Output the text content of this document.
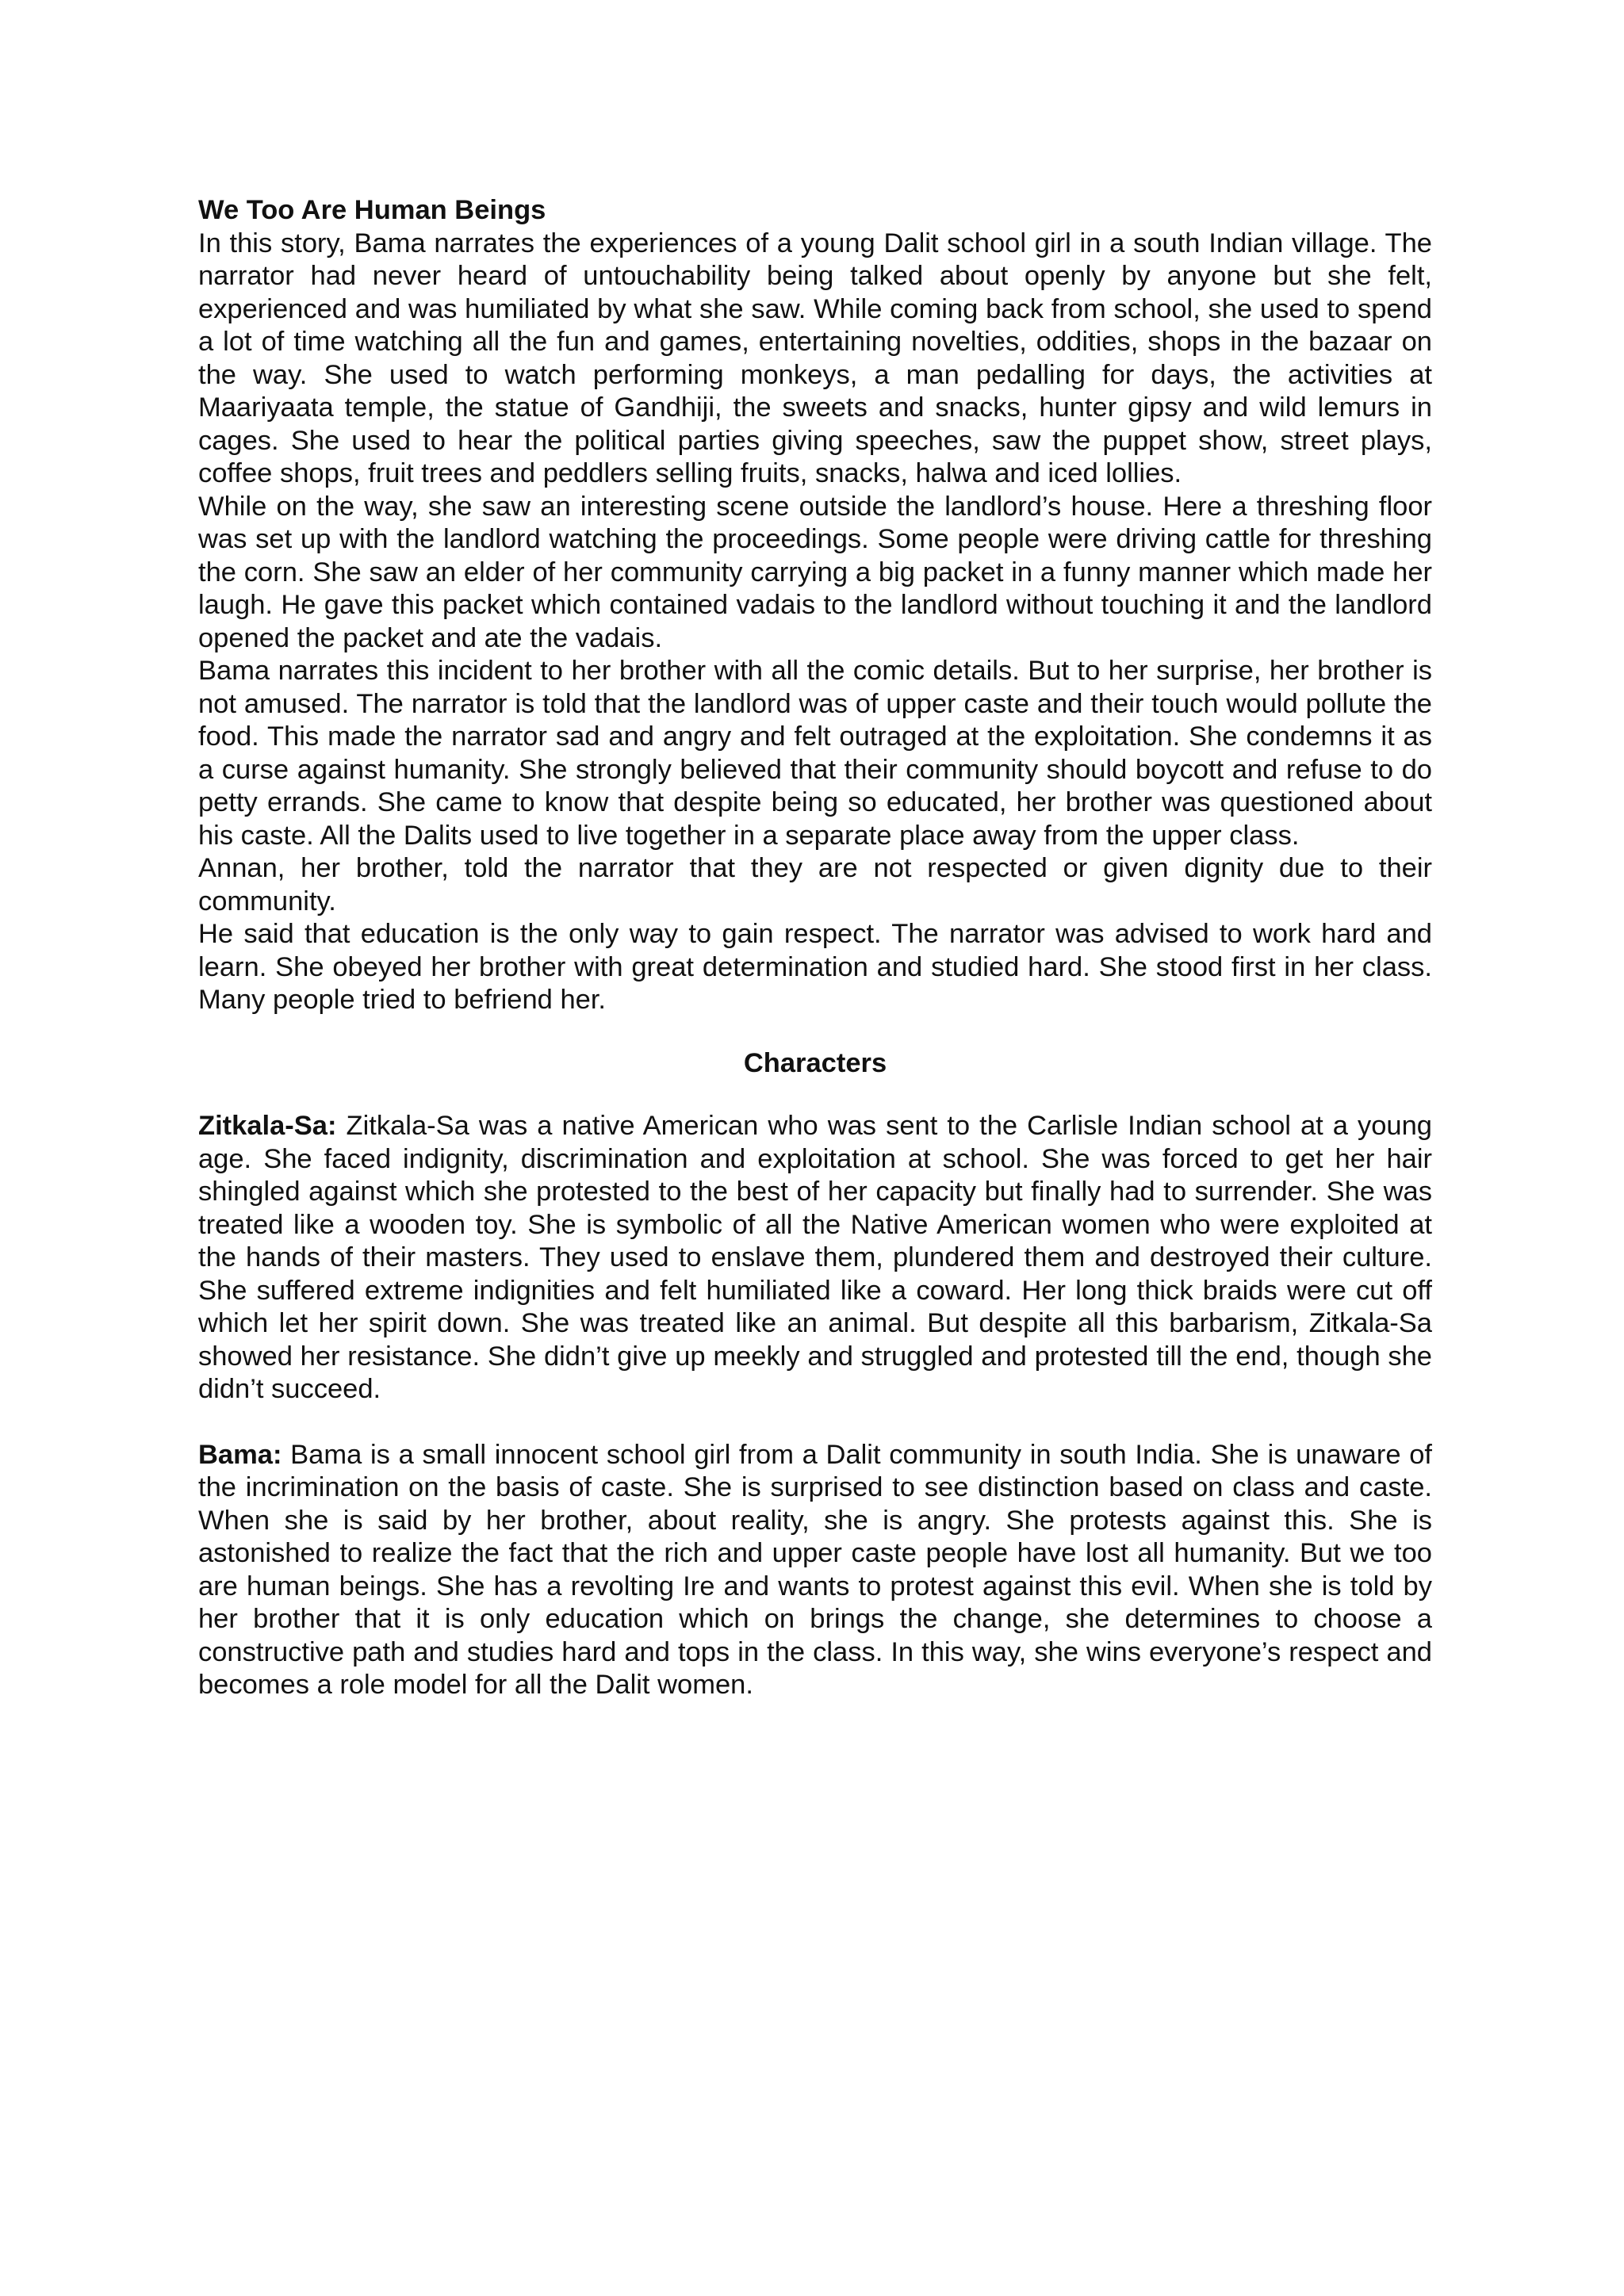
We Too Are Human Beings

In this story, Bama narrates the experiences of a young Dalit school girl in a south Indian village. The narrator had never heard of untouchability being talked about openly by anyone but she felt, experienced and was humiliated by what she saw. While coming back from school, she used to spend a lot of time watching all the fun and games, entertaining novelties, oddities, shops in the bazaar on the way. She used to watch performing monkeys, a man pedalling for days, the activities at Maariyaata temple, the statue of Gandhiji, the sweets and snacks, hunter gipsy and wild lemurs in cages. She used to hear the political parties giving speeches, saw the puppet show, street plays, coffee shops, fruit trees and peddlers selling fruits, snacks, halwa and iced lollies.

While on the way, she saw an interesting scene outside the landlord’s house. Here a threshing floor was set up with the landlord watching the proceedings. Some people were driving cattle for threshing the corn. She saw an elder of her community carrying a big packet in a funny manner which made her laugh. He gave this packet which contained vadais to the landlord without touching it and the landlord opened the packet and ate the vadais.

Bama narrates this incident to her brother with all the comic details. But to her surprise, her brother is not amused. The narrator is told that the landlord was of upper caste and their touch would pollute the food. This made the narrator sad and angry and felt outraged at the exploitation. She condemns it as a curse against humanity. She strongly believed that their community should boycott and refuse to do petty errands. She came to know that despite being so educated, her brother was questioned about his caste. All the Dalits used to live together in a separate place away from the upper class.

Annan, her brother, told the narrator that they are not respected or given dignity due to their community.

He said that education is the only way to gain respect. The narrator was advised to work hard and learn. She obeyed her brother with great determination and studied hard. She stood first in her class. Many people tried to befriend her.

Characters

Zitkala-Sa: Zitkala-Sa was a native American who was sent to the Carlisle Indian school at a young age. She faced indignity, discrimination and exploitation at school. She was forced to get her hair shingled against which she protested to the best of her capacity but finally had to surrender. She was treated like a wooden toy. She is symbolic of all the Native American women who were exploited at the hands of their masters. They used to enslave them, plundered them and destroyed their culture. She suffered extreme indignities and felt humiliated like a coward. Her long thick braids were cut off which let her spirit down. She was treated like an animal. But despite all this barbarism, Zitkala-Sa showed her resistance. She didn’t give up meekly and struggled and protested till the end, though she didn’t succeed.

Bama: Bama is a small innocent school girl from a Dalit community in south India. She is unaware of the incrimination on the basis of caste. She is surprised to see distinction based on class and caste. When she is said by her brother, about reality, she is angry. She protests against this. She is astonished to realize the fact that the rich and upper caste people have lost all humanity. But we too are human beings. She has a revolting Ire and wants to protest against this evil. When she is told by her brother that it is only education which on brings the change, she determines to choose a constructive path and studies hard and tops in the class. In this way, she wins everyone’s respect and becomes a role model for all the Dalit women.
